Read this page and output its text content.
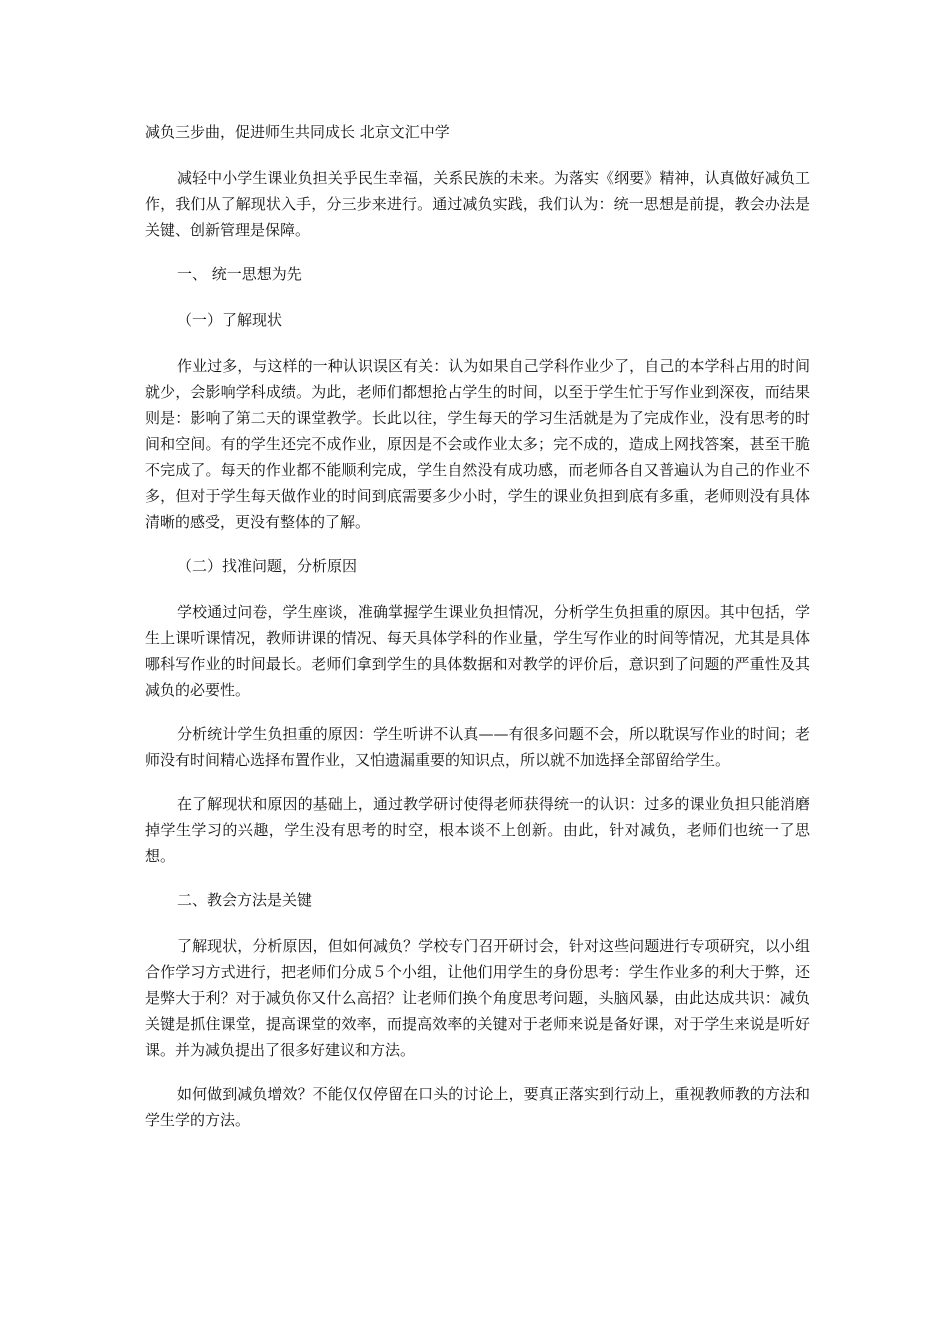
减负三步曲，促进师生共同成长 北京文汇中学

减轻中小学生课业负担关乎民生幸福，关系民族的未来。为落实《纲要》精神，认真做好减负工作，我们从了解现状入手，分三步来进行。通过减负实践，我们认为：统一思想是前提，教会办法是关键、创新管理是保障。

一、 统一思想为先

（一）了解现状

作业过多，与这样的一种认识误区有关：认为如果自己学科作业少了，自己的本学科占用的时间就少，会影响学科成绩。为此，老师们都想抢占学生的时间，以至于学生忙于写作业到深夜，而结果则是：影响了第二天的课堂教学。长此以往，学生每天的学习生活就是为了完成作业，没有思考的时间和空间。有的学生还完不成作业，原因是不会或作业太多；完不成的，造成上网找答案，甚至干脆不完成了。每天的作业都不能顺利完成，学生自然没有成功感，而老师各自又普遍认为自己的作业不多，但对于学生每天做作业的时间到底需要多少小时，学生的课业负担到底有多重，老师则没有具体清晰的感受，更没有整体的了解。

（二）找准问题，分析原因

学校通过问卷，学生座谈，准确掌握学生课业负担情况，分析学生负担重的原因。其中包括，学生上课听课情况，教师讲课的情况、每天具体学科的作业量，学生写作业的时间等情况，尤其是具体哪科写作业的时间最长。老师们拿到学生的具体数据和对教学的评价后，意识到了问题的严重性及其减负的必要性。

分析统计学生负担重的原因：学生听讲不认真——有很多问题不会，所以耽误写作业的时间；老师没有时间精心选择布置作业，又怕遗漏重要的知识点，所以就不加选择全部留给学生。

在了解现状和原因的基础上，通过教学研讨使得老师获得统一的认识：过多的课业负担只能消磨掉学生学习的兴趣，学生没有思考的时空，根本谈不上创新。由此，针对减负，老师们也统一了思想。

二、教会方法是关键

了解现状，分析原因，但如何减负？学校专门召开研讨会，针对这些问题进行专项研究，以小组合作学习方式进行，把老师们分成５个小组，让他们用学生的身份思考：学生作业多的利大于弊，还是弊大于利？对于减负你又什么高招？让老师们换个角度思考问题，头脑风暴，由此达成共识：减负关键是抓住课堂，提高课堂的效率，而提高效率的关键对于老师来说是备好课，对于学生来说是听好课。并为减负提出了很多好建议和方法。

如何做到减负增效？不能仅仅停留在口头的讨论上，要真正落实到行动上，重视教师教的方法和学生学的方法。
